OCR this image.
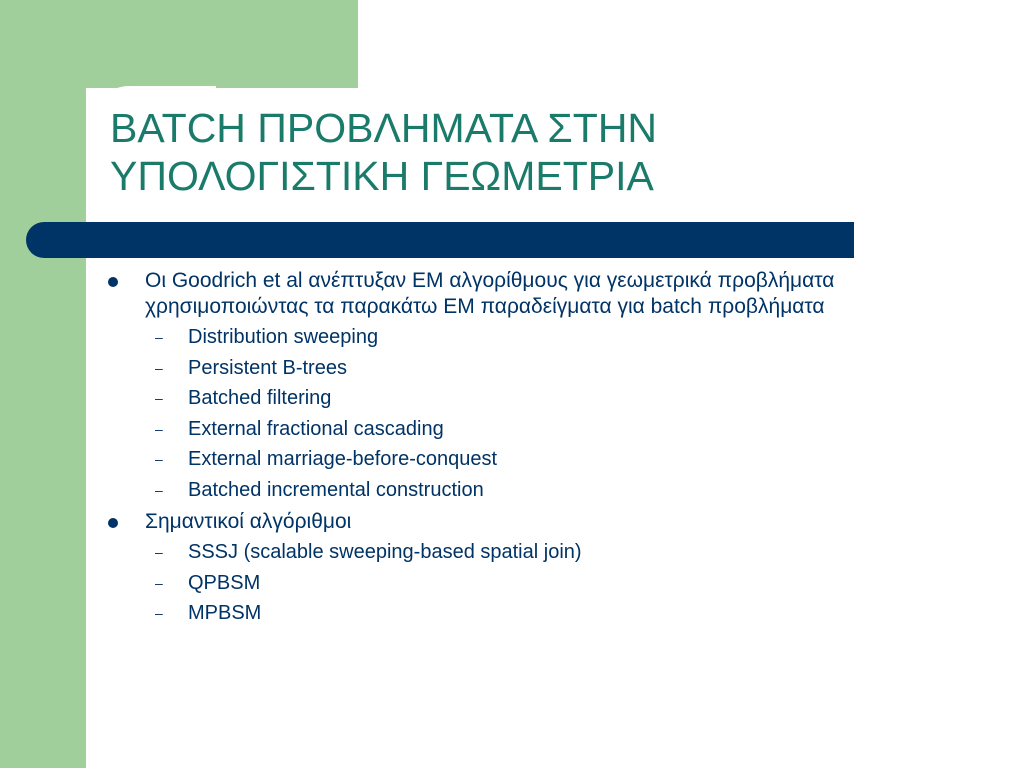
BATCH ΠΡΟΒΛΗΜΑΤΑ ΣΤΗΝ
ΥΠΟΛΟΓΙΣΤΙΚΗ ΓΕΩΜΕΤΡΙΑ

Οι Goodrich et al ανέπτυξαν EM αλγορίθμους για γεωμετρικά προβλήματα χρησιμοποιώντας τα παρακάτω EM παραδείγματα για batch προβλήματα

– Distribution sweeping
– Persistent B-trees
– Batched filtering
– External fractional cascading
– External marriage-before-conquest
– Batched incremental construction

Σημαντικοί αλγόριθμοι

– SSSJ (scalable sweeping-based spatial join)
– QPBSM
– MPBSM
